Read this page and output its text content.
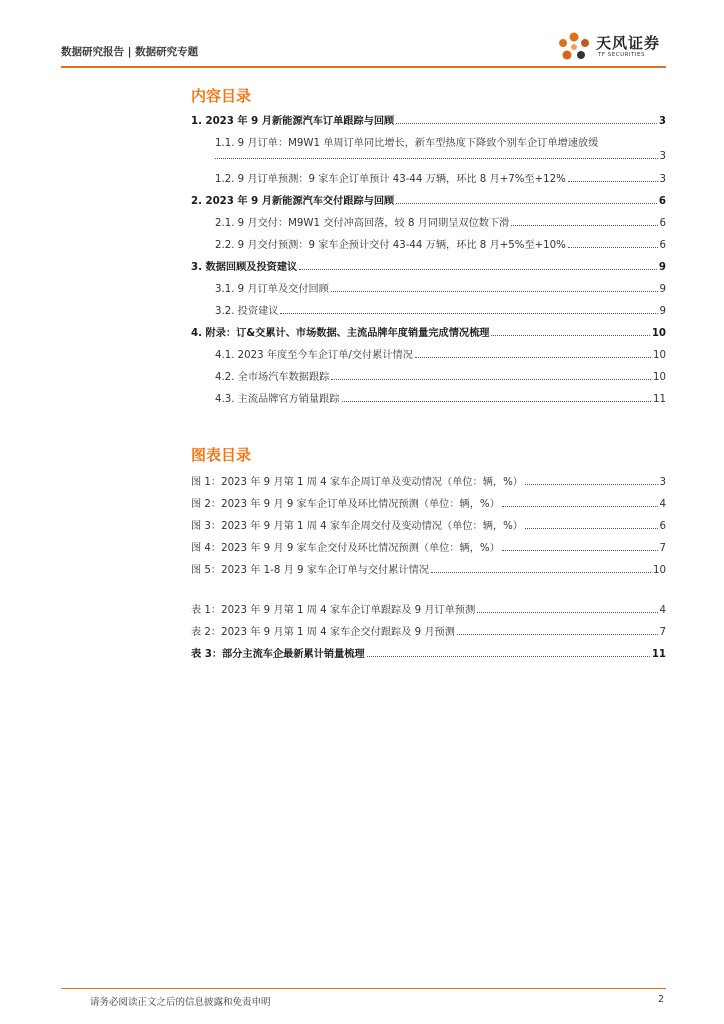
数据研究报告 | 数据研究专题	天风证券
TF SECURITIES
内容目录
1. 2023 年 9 月新能源汽车订单跟踪与回顾	3
1.1. 9 月订单：M9W1 单周订单同比增长，新车型热度下降致个别车企订单增速放缓
3
1.2. 9 月订单预测：9 家车企订单预计 43-44 万辆，环比 8 月+7%至+12%	3
2. 2023 年 9 月新能源汽车交付跟踪与回顾	6
2.1. 9 月交付：M9W1 交付冲高回落，较 8 月同期呈双位数下滑	6
2.2. 9 月交付预测：9 家车企预计交付 43-44 万辆，环比 8 月+5%至+10%	6
3. 数据回顾及投资建议	9
3.1. 9 月订单及交付回顾	9
3.2. 投资建议	9
4. 附录：订&交累计、市场数据、主流品牌年度销量完成情况梳理	10
4.1. 2023 年度至今车企订单/交付累计情况	10
4.2. 全市场汽车数据跟踪	10
4.3. 主流品牌官方销量跟踪	11
图表目录
图 1：2023 年 9 月第 1 周 4 家车企周订单及变动情况（单位：辆，%）	3
图 2：2023 年 9 月 9 家车企订单及环比情况预测（单位：辆，%）	4
图 3：2023 年 9 月第 1 周 4 家车企周交付及变动情况（单位：辆，%）	6
图 4：2023 年 9 月 9 家车企交付及环比情况预测（单位：辆，%）	7
图 5：2023 年 1-8 月 9 家车企订单与交付累计情况	10
表 1：2023 年 9 月第 1 周 4 家车企订单跟踪及 9 月订单预测	4
表 2：2023 年 9 月第 1 周 4 家车企交付跟踪及 9 月预测	7
表 3：部分主流车企最新累计销量梳理	11
请务必阅读正文之后的信息披露和免责申明	2
